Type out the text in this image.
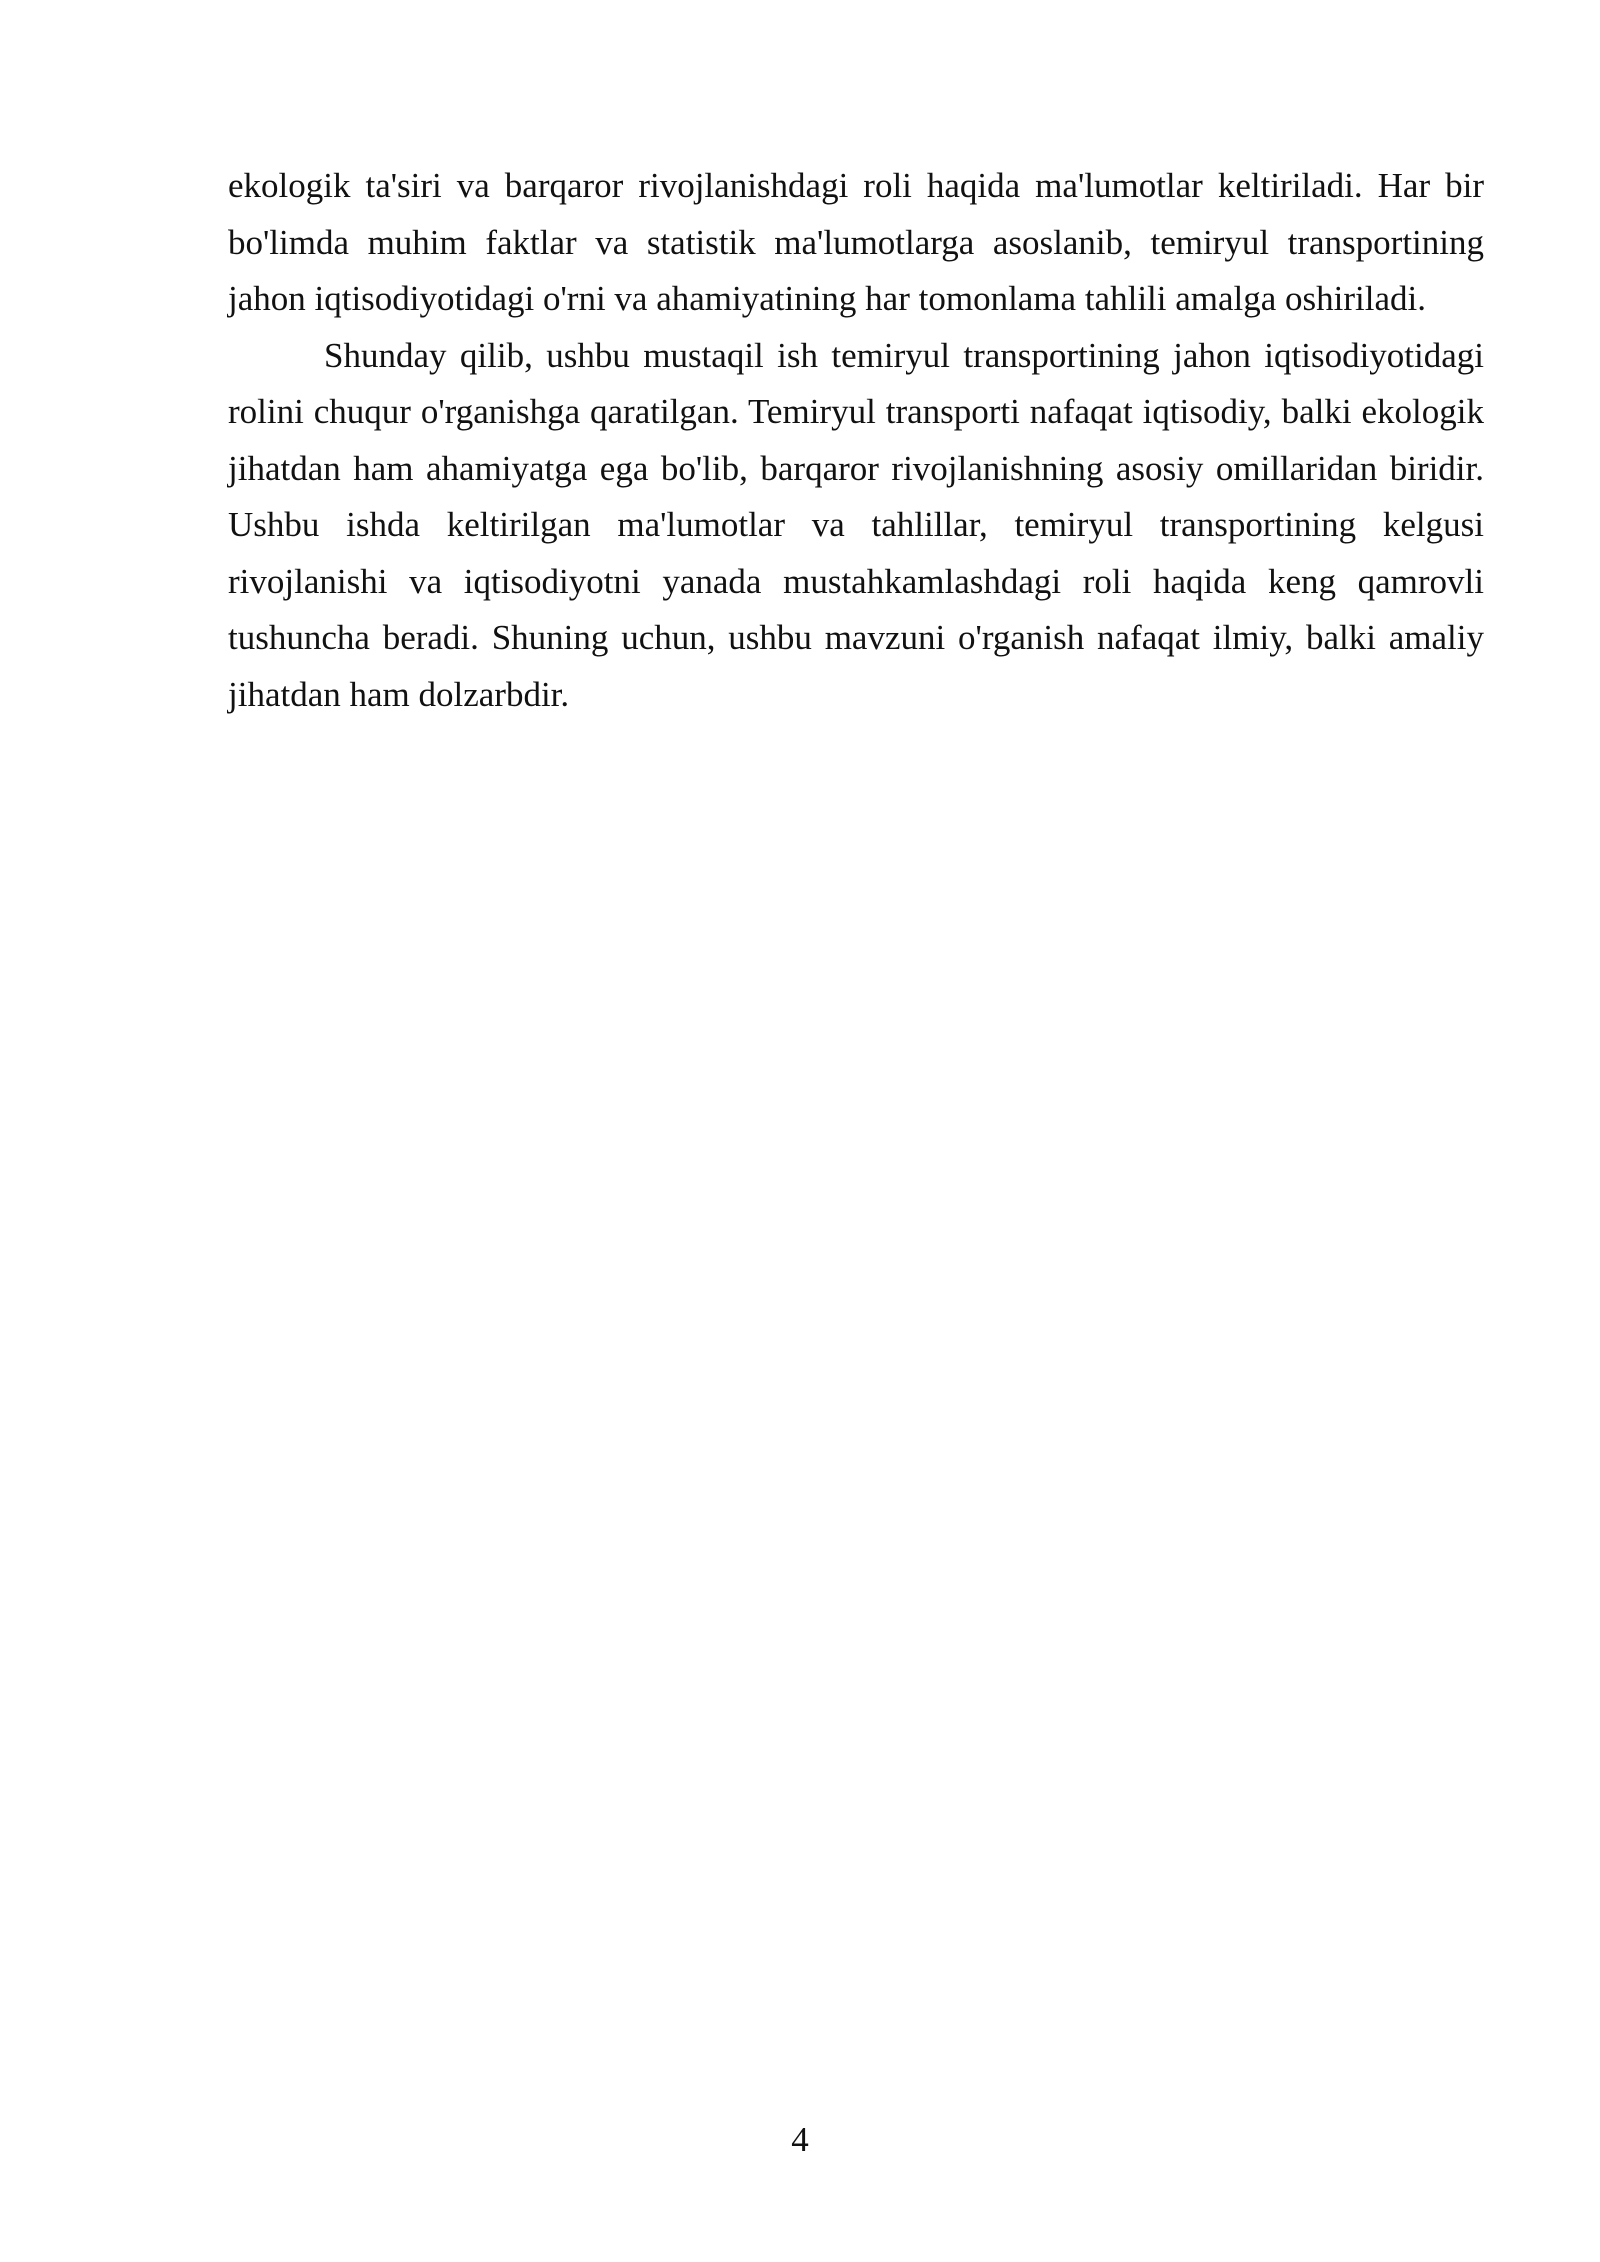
ekologik ta'siri va barqaror rivojlanishdagi roli haqida ma'lumotlar keltiriladi. Har bir bo'limda muhim faktlar va statistik ma'lumotlarga asoslanib, temiryul transportining jahon iqtisodiyotidagi o'rni va ahamiyatining har tomonlama tahlili amalga oshiriladi.

Shunday qilib, ushbu mustaqil ish temiryul transportining jahon iqtisodiyotidagi rolini chuqur o'rganishga qaratilgan. Temiryul transporti nafaqat iqtisodiy, balki ekologik jihatdan ham ahamiyatga ega bo'lib, barqaror rivojlanishning asosiy omillaridan biridir. Ushbu ishda keltirilgan ma'lumotlar va tahlillar, temiryul transportining kelgusi rivojlanishi va iqtisodiyotni yanada mustahkamlashdagi roli haqida keng qamrovli tushuncha beradi. Shuning uchun, ushbu mavzuni o'rganish nafaqat ilmiy, balki amaliy jihatdan ham dolzarbdir.

4
